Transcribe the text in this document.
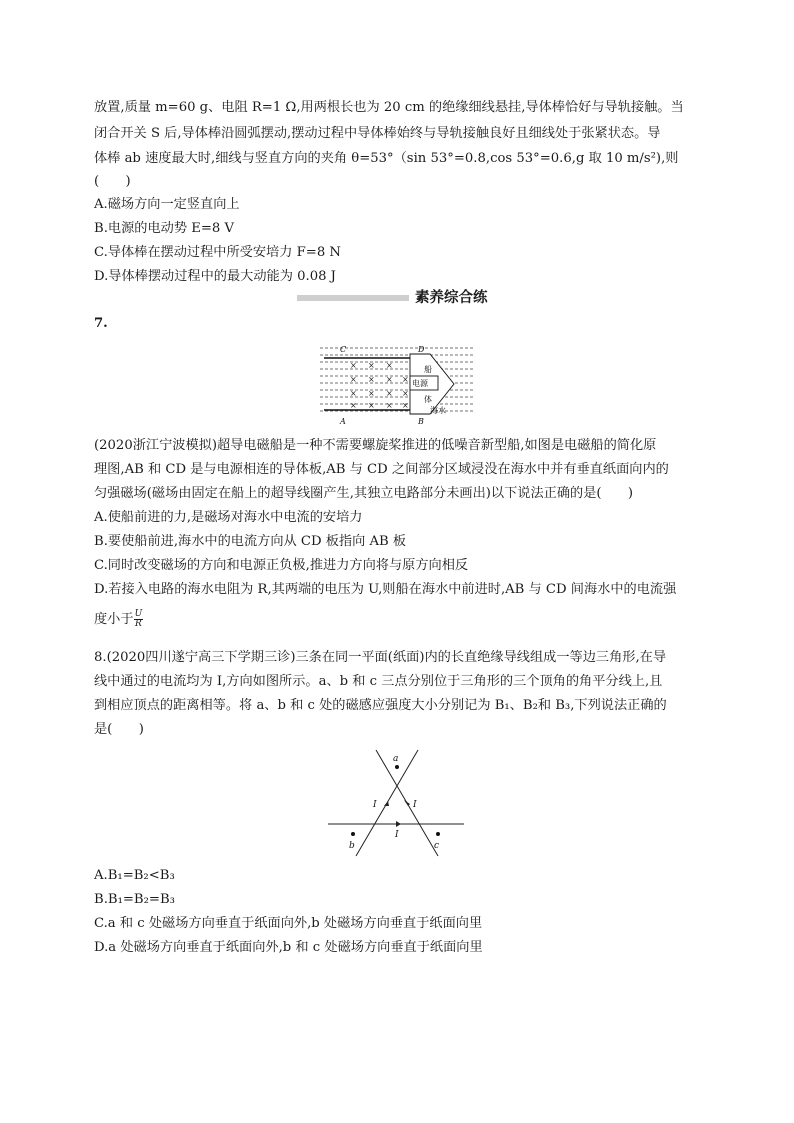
放置,质量 m=60 g、电阻 R=1 Ω,用两根长也为 20 cm 的绝缘细线悬挂,导体棒恰好与导轨接触。当
闭合开关 S 后,导体棒沿圆弧摆动,摆动过程中导体棒始终与导轨接触良好且细线处于张紧状态。导
体棒 ab 速度最大时,细线与竖直方向的夹角 θ=53°（sin 53°=0.8,cos 53°=0.6,g 取 10 m/s²),则
(　　)
A.磁场方向一定竖直向上
B.电源的电动势 E=8 V
C.导体棒在摆动过程中所受安培力 F=8 N
D.导体棒摆动过程中的最大动能为 0.08 J
素养综合练
7.
× × ×
× × × ×
× × × ×
× × × ×
C	D
A	B
电源
船
体
海水
(2020浙江宁波模拟)超导电磁船是一种不需要螺旋桨推进的低噪音新型船,如图是电磁船的简化原
理图,AB 和 CD 是与电源相连的导体板,AB 与 CD 之间部分区域浸没在海水中并有垂直纸面向内的
匀强磁场(磁场由固定在船上的超导线圈产生,其独立电路部分未画出)以下说法正确的是(　　)
A.使船前进的力,是磁场对海水中电流的安培力
B.要使船前进,海水中的电流方向从 CD 板指向 AB 板
C.同时改变磁场的方向和电源正负极,推进力方向将与原方向相反
D.若接入电路的海水电阻为 R,其两端的电压为 U,则船在海水中前进时,AB 与 CD 间海水中的电流强
度小于 $\frac{U}{R}$
8.(2020四川遂宁高三下学期三诊)三条在同一平面(纸面)内的长直绝缘导线组成一等边三角形,在导
线中通过的电流均为 I,方向如图所示。a、b 和 c 三点分别位于三角形的三个顶角的角平分线上,且
到相应顶点的距离相等。将 a、b 和 c 处的磁感应强度大小分别记为 B₁、B₂和 B₃,下列说法正确的
是(　　)
a
b	c
I	I
I
A.B₁=B₂<B₃
B.B₁=B₂=B₃
C.a 和 c 处磁场方向垂直于纸面向外,b 处磁场方向垂直于纸面向里
D.a 处磁场方向垂直于纸面向外,b 和 c 处磁场方向垂直于纸面向里
